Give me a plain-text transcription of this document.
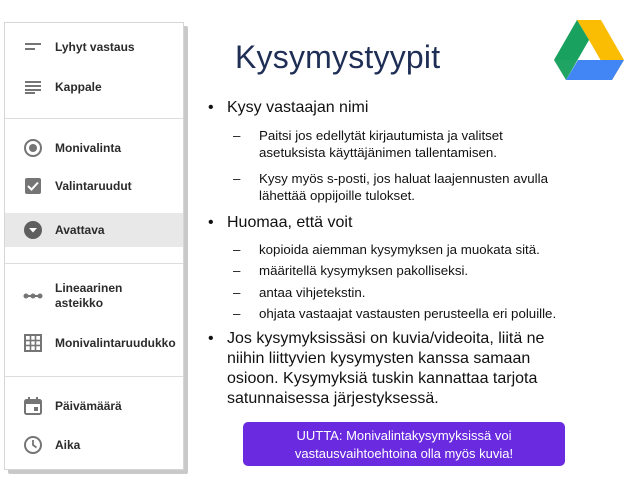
Lyhyt vastaus
Kappale
Monivalinta
Valintaruudut
Avattava
Lineaarinen
asteikko
Monivalintaruudukko
Päivämäärä
Aika
Kysymystyypit
• Kysy vastaajan nimi
– Paitsi jos edellytät kirjautumista ja valitset
asetuksista käyttäjänimen tallentamisen.
– Kysy myös s-posti, jos haluat laajennusten avulla
lähettää oppijoille tulokset.
• Huomaa, että voit
– kopioida aiemman kysymyksen ja muokata sitä.
– määritellä kysymyksen pakolliseksi.
– antaa vihjetekstin.
– ohjata vastaajat vastausten perusteella eri poluille.
• Jos kysymyksissäsi on kuvia/videoita, liitä ne
niihin liittyvien kysymysten kanssa samaan
osioon. Kysymyksiä tuskin kannattaa tarjota
satunnaisessa järjestyksessä.
UUTTA: Monivalintakysymyksissä voi
vastausvaihtoehtoina olla myös kuvia!
